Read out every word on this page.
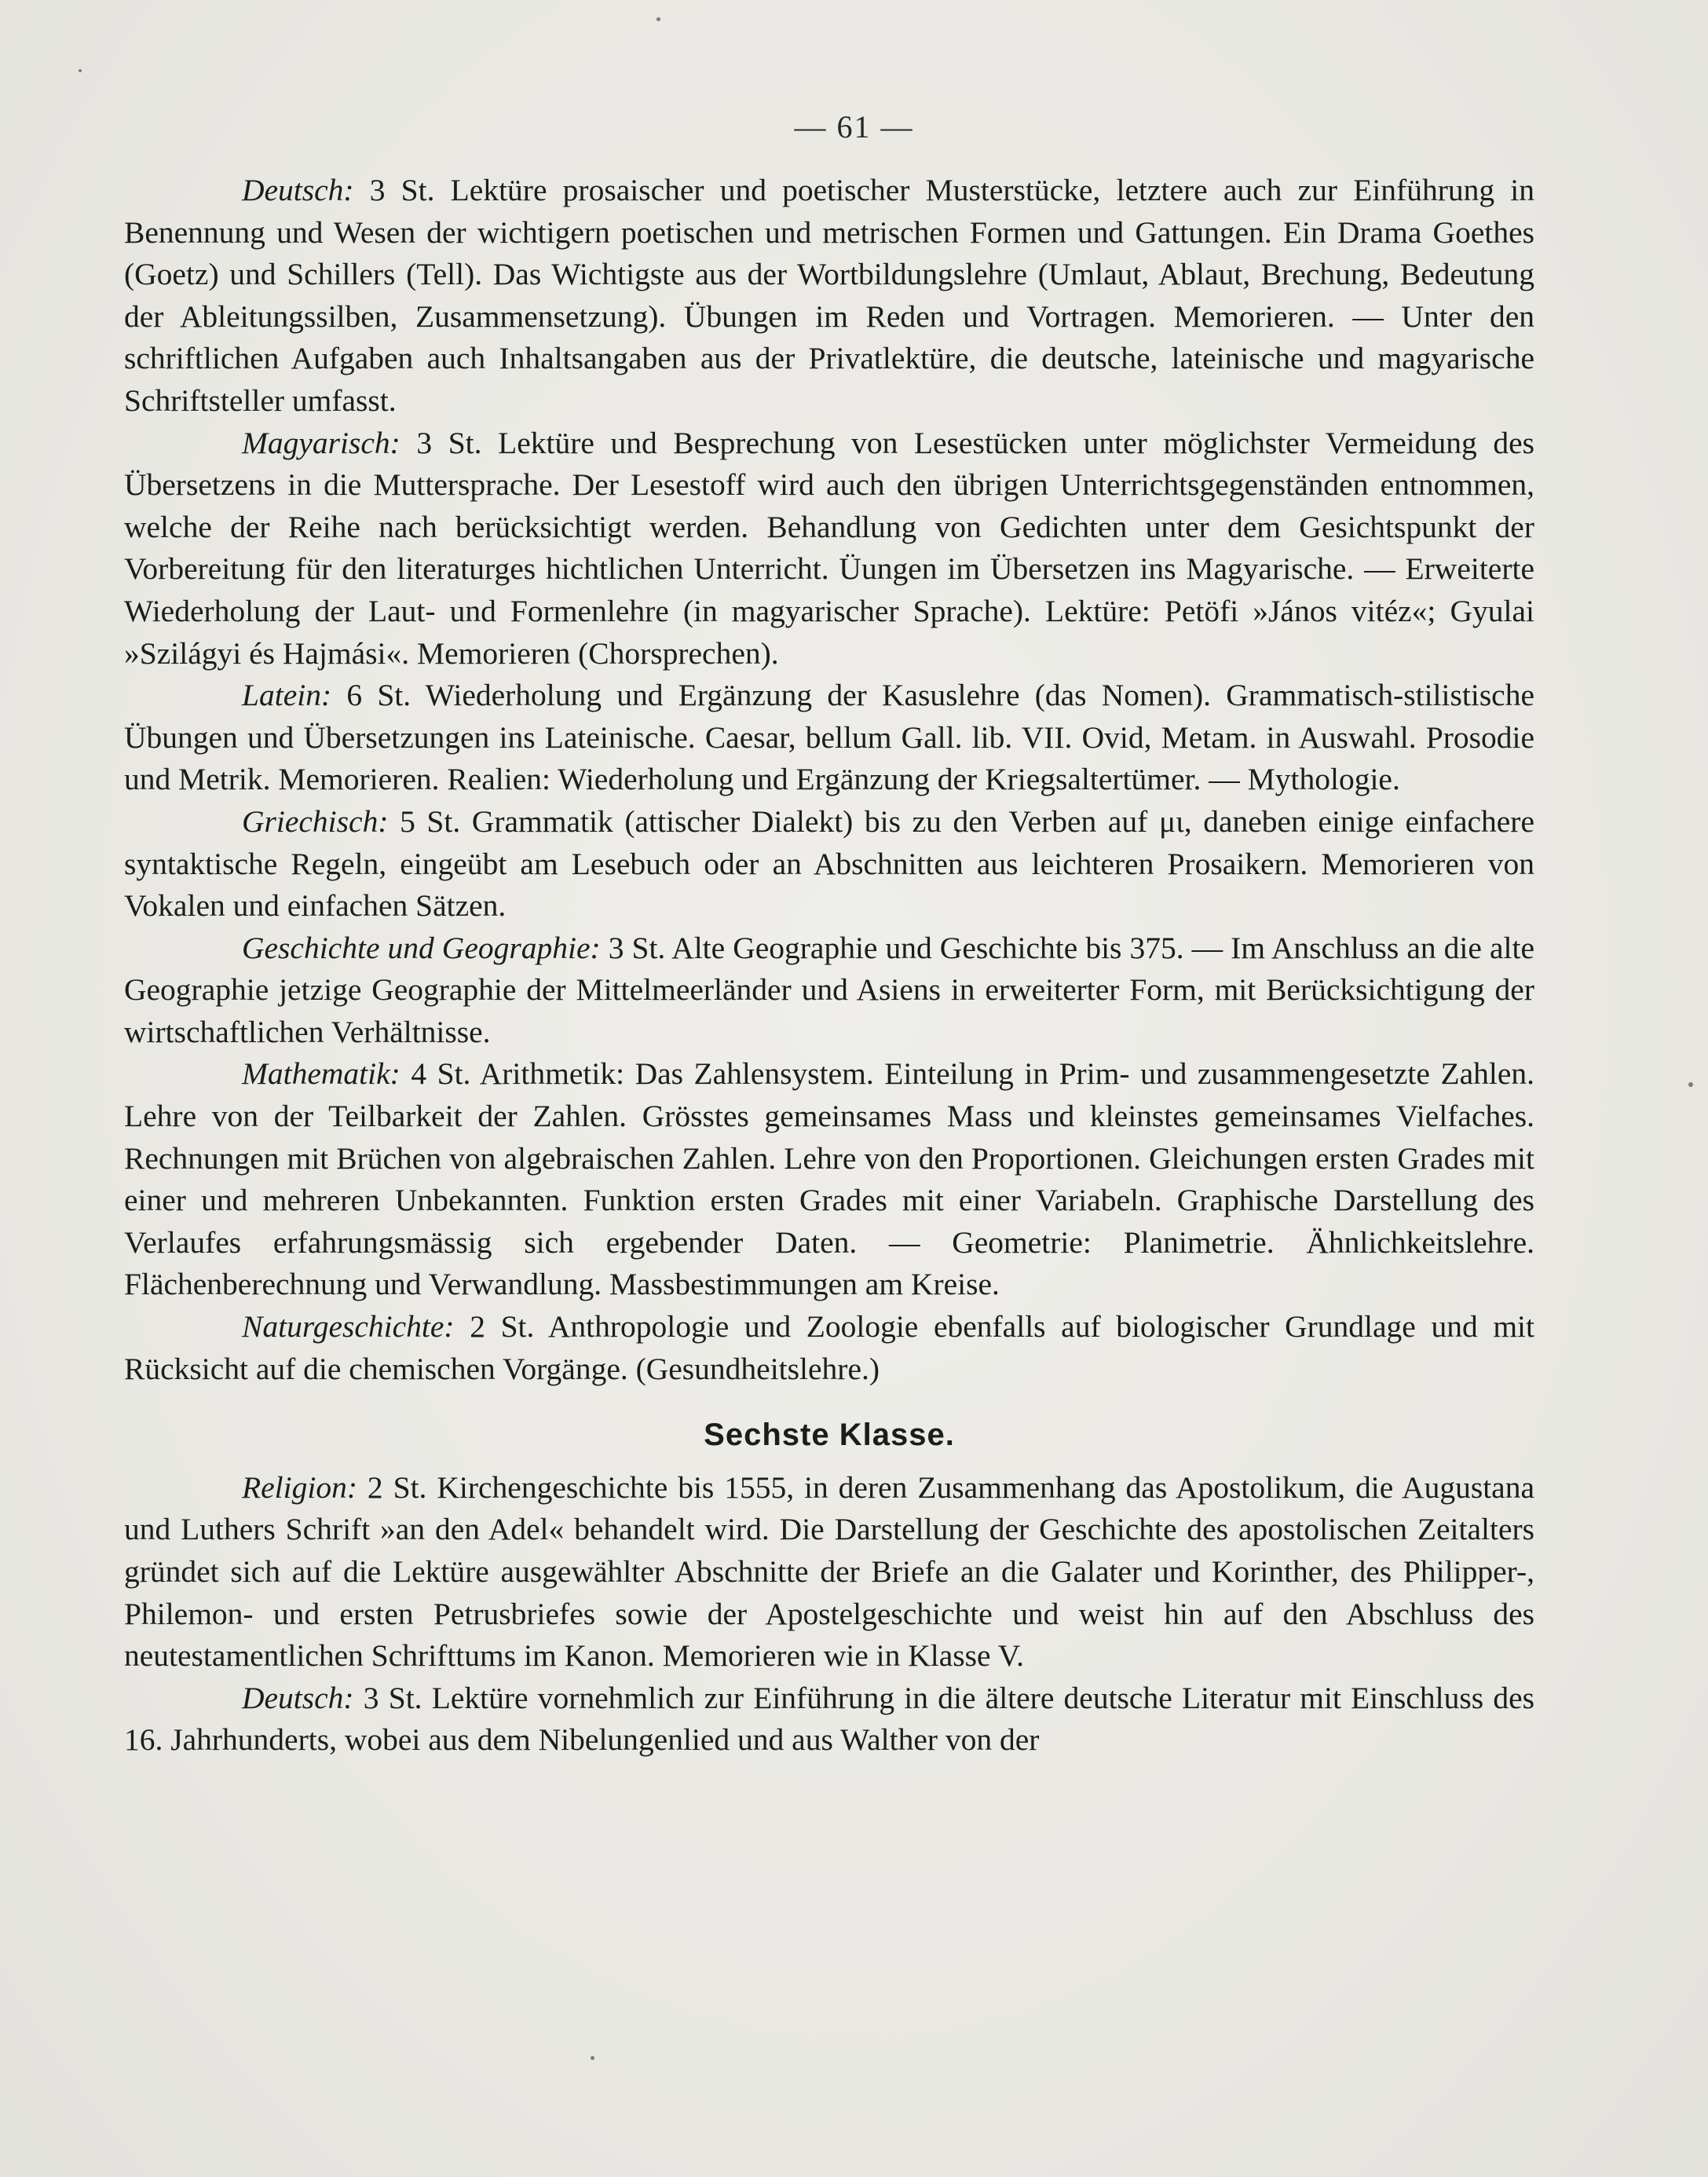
— 61 —

Deutsch: 3 St. Lektüre prosaischer und poetischer Musterstücke, letztere auch zur Einführung in Benennung und Wesen der wichtigern poetischen und metrischen Formen und Gattungen. Ein Drama Goethes (Goetz) und Schillers (Tell). Das Wichtigste aus der Wortbildungslehre (Umlaut, Ablaut, Brechung, Bedeutung der Ableitungssilben, Zusammensetzung). Übungen im Reden und Vortragen. Memorieren. — Unter den schriftlichen Aufgaben auch Inhaltsangaben aus der Privatlektüre, die deutsche, lateinische und magyarische Schriftsteller umfasst.

Magyarisch: 3 St. Lektüre und Besprechung von Lesestücken unter möglichster Vermeidung des Übersetzens in die Muttersprache. Der Lesestoff wird auch den übrigen Unterrichtsgegenständen entnommen, welche der Reihe nach berücksichtigt werden. Behandlung von Gedichten unter dem Gesichtspunkt der Vorbereitung für den literaturges hichtlichen Unterricht. Üungen im Übersetzen ins Magyarische. — Erweiterte Wiederholung der Laut- und Formenlehre (in magyarischer Sprache). Lektüre: Petöfi »János vitéz«; Gyulai »Szilágyi és Hajmási«. Memorieren (Chorsprechen).

Latein: 6 St. Wiederholung und Ergänzung der Kasuslehre (das Nomen). Grammatisch-stilistische Übungen und Übersetzungen ins Lateinische. Caesar, bellum Gall. lib. VII. Ovid, Metam. in Auswahl. Prosodie und Metrik. Memorieren. Realien: Wiederholung und Ergänzung der Kriegsaltertümer. — Mythologie.

Griechisch: 5 St. Grammatik (attischer Dialekt) bis zu den Verben auf μι, daneben einige einfachere syntaktische Regeln, eingeübt am Lesebuch oder an Abschnitten aus leichteren Prosaikern. Memorieren von Vokalen und einfachen Sätzen.

Geschichte und Geographie: 3 St. Alte Geographie und Geschichte bis 375. — Im Anschluss an die alte Geographie jetzige Geographie der Mittelmeerländer und Asiens in erweiterter Form, mit Berücksichtigung der wirtschaftlichen Verhältnisse.

Mathematik: 4 St. Arithmetik: Das Zahlensystem. Einteilung in Prim- und zusammengesetzte Zahlen. Lehre von der Teilbarkeit der Zahlen. Grösstes gemeinsames Mass und kleinstes gemeinsames Vielfaches. Rechnungen mit Brüchen von algebraischen Zahlen. Lehre von den Proportionen. Gleichungen ersten Grades mit einer und mehreren Unbekannten. Funktion ersten Grades mit einer Variabeln. Graphische Darstellung des Verlaufes erfahrungsmässig sich ergebender Daten. — Geometrie: Planimetrie. Ähnlichkeitslehre. Flächenberechnung und Verwandlung. Massbestimmungen am Kreise.

Naturgeschichte: 2 St. Anthropologie und Zoologie ebenfalls auf biologischer Grundlage und mit Rücksicht auf die chemischen Vorgänge. (Gesundheitslehre.)

Sechste Klasse.

Religion: 2 St. Kirchengeschichte bis 1555, in deren Zusammenhang das Apostolikum, die Augustana und Luthers Schrift »an den Adel« behandelt wird. Die Darstellung der Geschichte des apostolischen Zeitalters gründet sich auf die Lektüre ausgewählter Abschnitte der Briefe an die Galater und Korinther, des Philipper-, Philemon- und ersten Petrusbriefes sowie der Apostelgeschichte und weist hin auf den Abschluss des neutestamentlichen Schrifttums im Kanon. Memorieren wie in Klasse V.

Deutsch: 3 St. Lektüre vornehmlich zur Einführung in die ältere deutsche Literatur mit Einschluss des 16. Jahrhunderts, wobei aus dem Nibelungenlied und aus Walther von der
